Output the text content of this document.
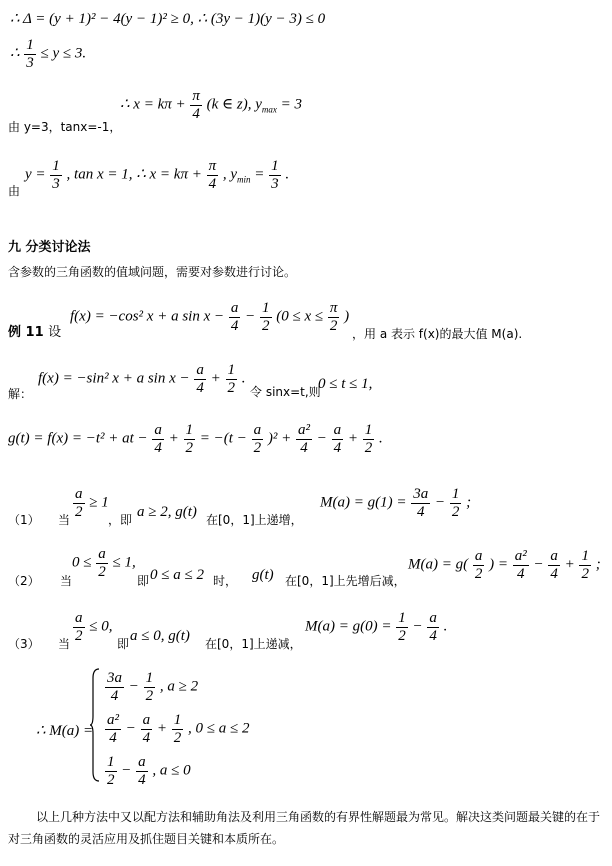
∴ Δ = (y + 1)² − 4(y − 1)² ≥ 0, ∴ (3y − 1)(y − 3) ≤ 0
∴ $\frac{1}{3} \le y \le 3$.
∴ $x = k\pi + \frac{\pi}{4} (k$ ∈ z), $y_{max} = 3$
由 y=3，tanx=-1，
由
$y = \frac{1}{3}$ , tan x = 1, ∴ $x = k\pi + \frac{\pi}{4}$ , $y_{min} = \frac{1}{3}$ .
九 分类讨论法
含参数的三角函数的值域问题，需要对参数进行讨论。
例 11 设
f(x) = −cos² x + a $\sin x - \frac{a}{4} - \frac{1}{2} (0 \le x \le \frac{\pi}{2}$ )
，用 a 表示 f(x)的最大值 M(a).
解：
f(x) = −sin² x + a $\sin x - \frac{a}{4} + \frac{1}{2}$ .
令 sinx=t,则
0 ≤ t ≤ 1,
g(t) = f(x) = −t² + at − $\frac{a}{4} + \frac{1}{2} = -(t - \frac{a}{2} )^2 + \frac{\text{a²}}{4} - \frac{a}{4} + \frac{1}{2}$ .
（1） 当 $\frac{a}{2} \ge 1$
，即 a ≥ 2, g(t) 在[0，1]上递增，
$M(a) = g(1) = \frac{3a}{4} - \frac{1}{2}$ ;
（2） 当
$0 \le \frac{a}{2} \le 1$,
即 0 ≤ a ≤ 2 时， g(t) 在[0，1]上先增后减，
$M(a) = g( \frac{a}{2}$ ) = $\frac{\text{a²}}{4} - \frac{a}{4} + \frac{1}{2}$ ;
（3） 当 $\frac{a}{2} \le 0$,
即 a ≤ 0, g(t) 在[0，1]上递减，
$M(a) = g(0) = \frac{1}{2} - \frac{a}{4}$ .
∴ M(a) =
$\frac{3a}{4} - \frac{1}{2}$ , a ≥ 2
$\frac{\text{a²}}{4} - \frac{a}{4} + \frac{1}{2}$ , 0 ≤ a ≤ 2
$\frac{1}{2} - \frac{a}{4}$ , a ≤ 0
以上几种方法中又以配方法和辅助角法及利用三角函数的有界性解题最为常见。解决这类问题最关键的在于对三角函数的灵活应用及抓住题目关键和本质所在。
